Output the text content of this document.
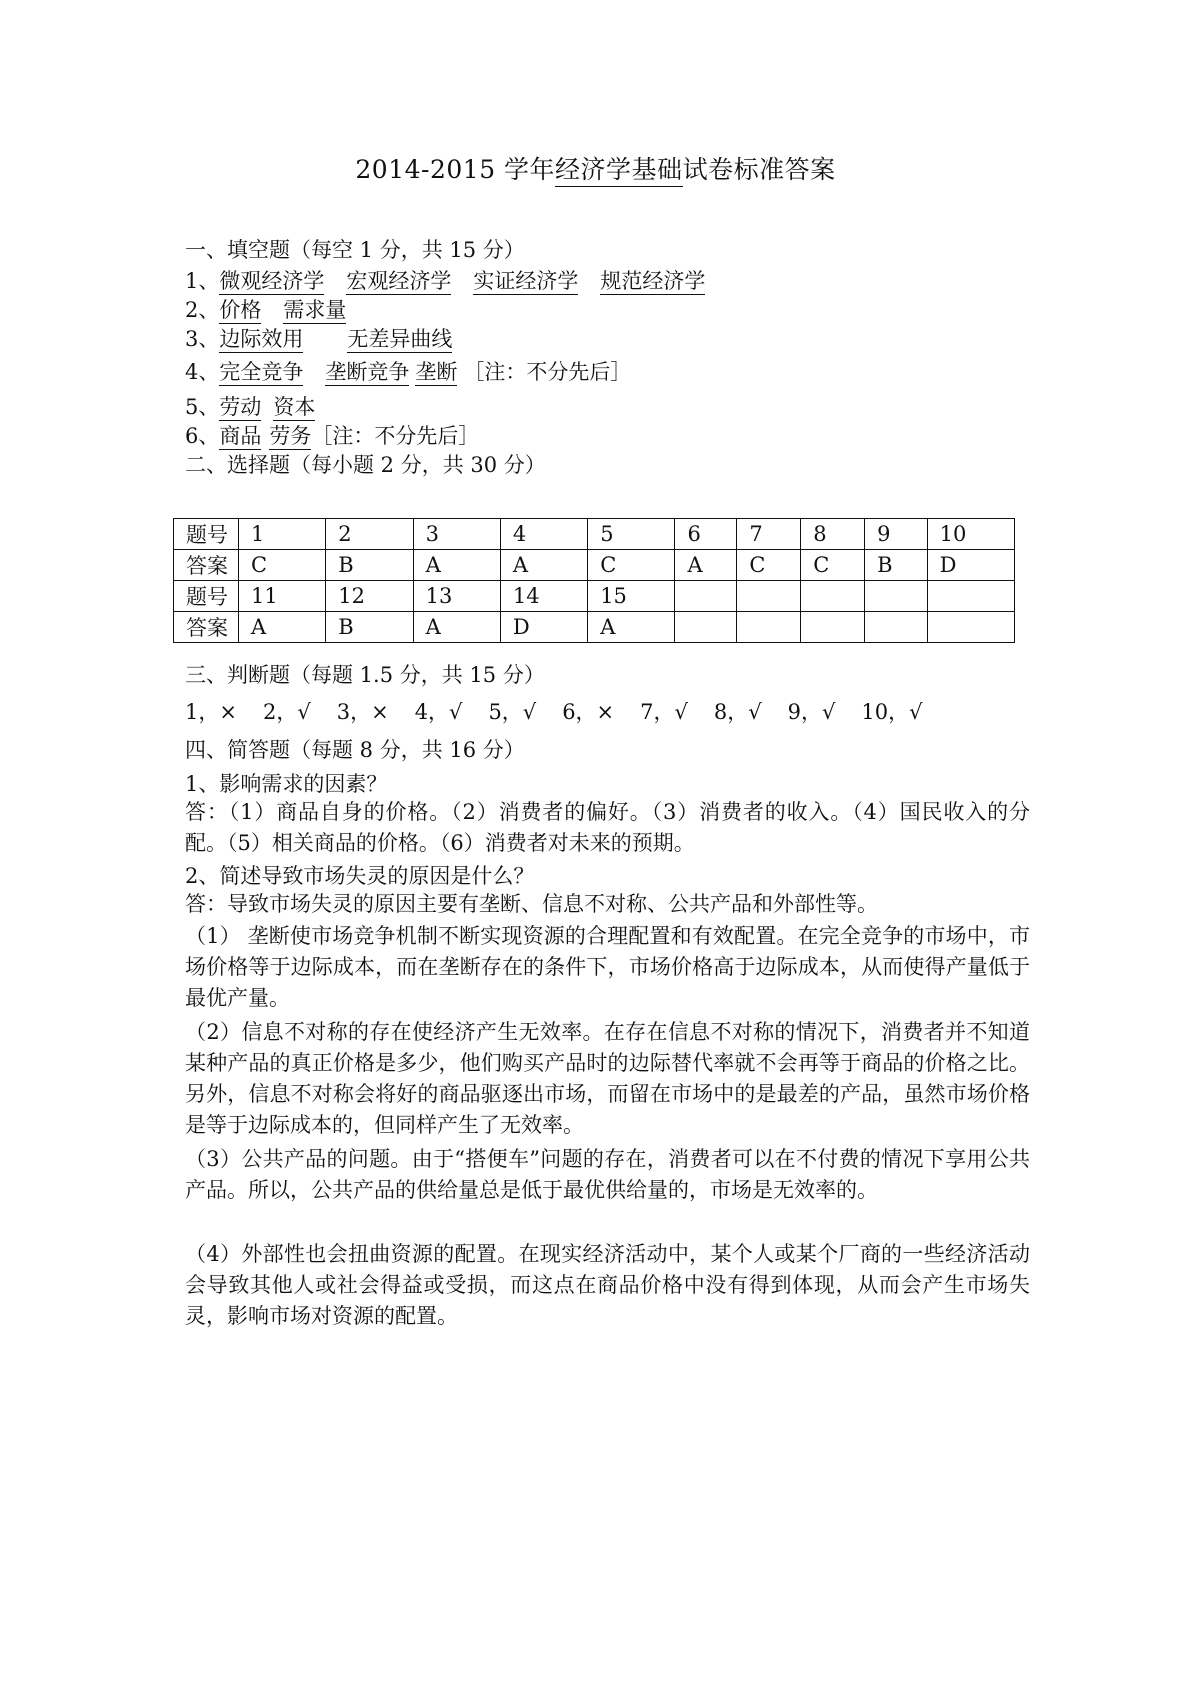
2014-2015 学年经济学基础试卷标准答案
一、填空题（每空 1 分，共 15 分）
1、微观经济学 宏观经济学 实证经济学 规范经济学
2、价格 需求量
3、边际效用 无差异曲线
4、完全竞争 垄断竞争 垄断 ［注：不分先后］
5、劳动 资本
6、商品 劳务［注：不分先后］
二、选择题（每小题 2 分，共 30 分）
题号	1	2	3	4	5	6	7	8	9	10
答案	C	B	A	A	C	A	C	C	B	D
题号	11	12	13	14	15					
答案	A	B	A	D	A					
三、判断题（每题 1.5 分，共 15 分）
1，× 2，√ 3，× 4，√ 5，√ 6，× 7，√ 8，√ 9，√ 10，√
四、简答题（每题 8 分，共 16 分）
1、影响需求的因素？
答：（1）商品自身的价格。（2）消费者的偏好。（3）消费者的收入。（4）国民收入的分配。（5）相关商品的价格。（6）消费者对未来的预期。
2、简述导致市场失灵的原因是什么？
答：导致市场失灵的原因主要有垄断、信息不对称、公共产品和外部性等。
（1） 垄断使市场竞争机制不断实现资源的合理配置和有效配置。在完全竞争的市场中，市场价格等于边际成本，而在垄断存在的条件下，市场价格高于边际成本，从而使得产量低于最优产量。
（2）信息不对称的存在使经济产生无效率。在存在信息不对称的情况下，消费者并不知道某种产品的真正价格是多少，他们购买产品时的边际替代率就不会再等于商品的价格之比。另外，信息不对称会将好的商品驱逐出市场，而留在市场中的是最差的产品，虽然市场价格是等于边际成本的，但同样产生了无效率。
（3）公共产品的问题。由于“搭便车”问题的存在，消费者可以在不付费的情况下享用公共产品。所以，公共产品的供给量总是低于最优供给量的，市场是无效率的。
（4）外部性也会扭曲资源的配置。在现实经济活动中，某个人或某个厂商的一些经济活动会导致其他人或社会得益或受损，而这点在商品价格中没有得到体现，从而会产生市场失灵，影响市场对资源的配置。
